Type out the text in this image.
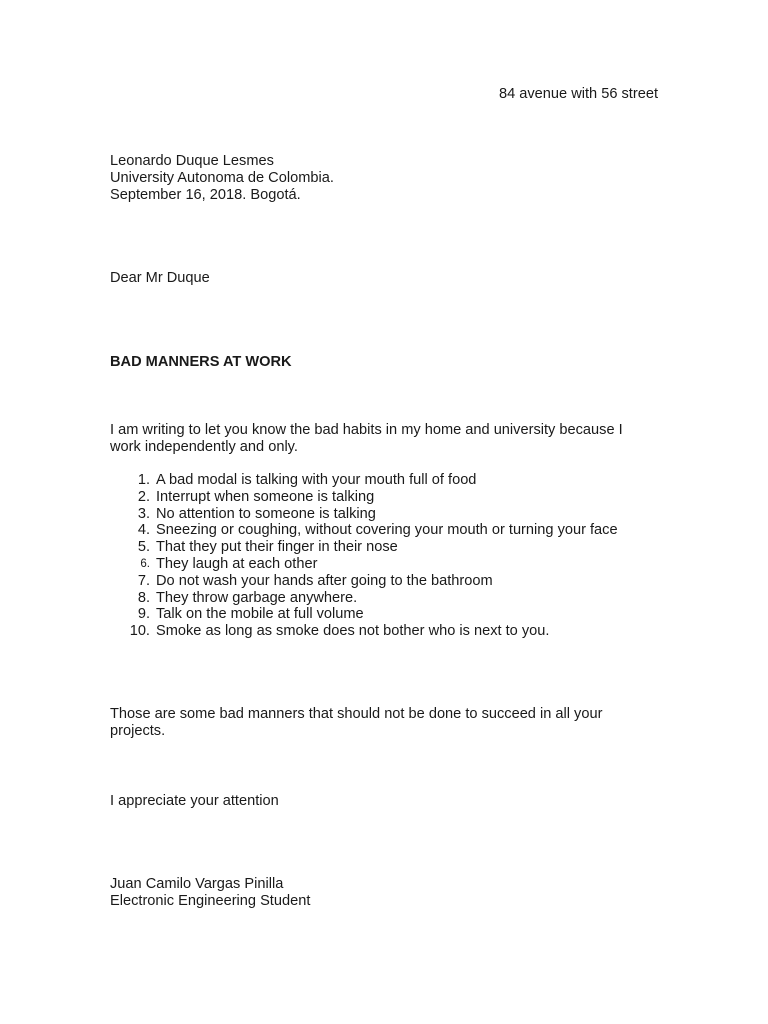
84 avenue with 56 street
Leonardo Duque Lesmes
University Autonoma de Colombia.
September 16, 2018. Bogotá.
Dear Mr Duque
BAD MANNERS AT WORK
I am writing to let you know the bad habits in my home and university because I
work independently and only.
1. A bad modal is talking with your mouth full of food
2. Interrupt when someone is talking
3. No attention to someone is talking
4. Sneezing or coughing, without covering your mouth or turning your face
5. That they put their finger in their nose
6. They laugh at each other
7. Do not wash your hands after going to the bathroom
8. They throw garbage anywhere.
9. Talk on the mobile at full volume
10. Smoke as long as smoke does not bother who is next to you.
Those are some bad manners that should not be done to succeed in all your
projects.
I appreciate your attention
Juan Camilo Vargas Pinilla
Electronic Engineering Student
